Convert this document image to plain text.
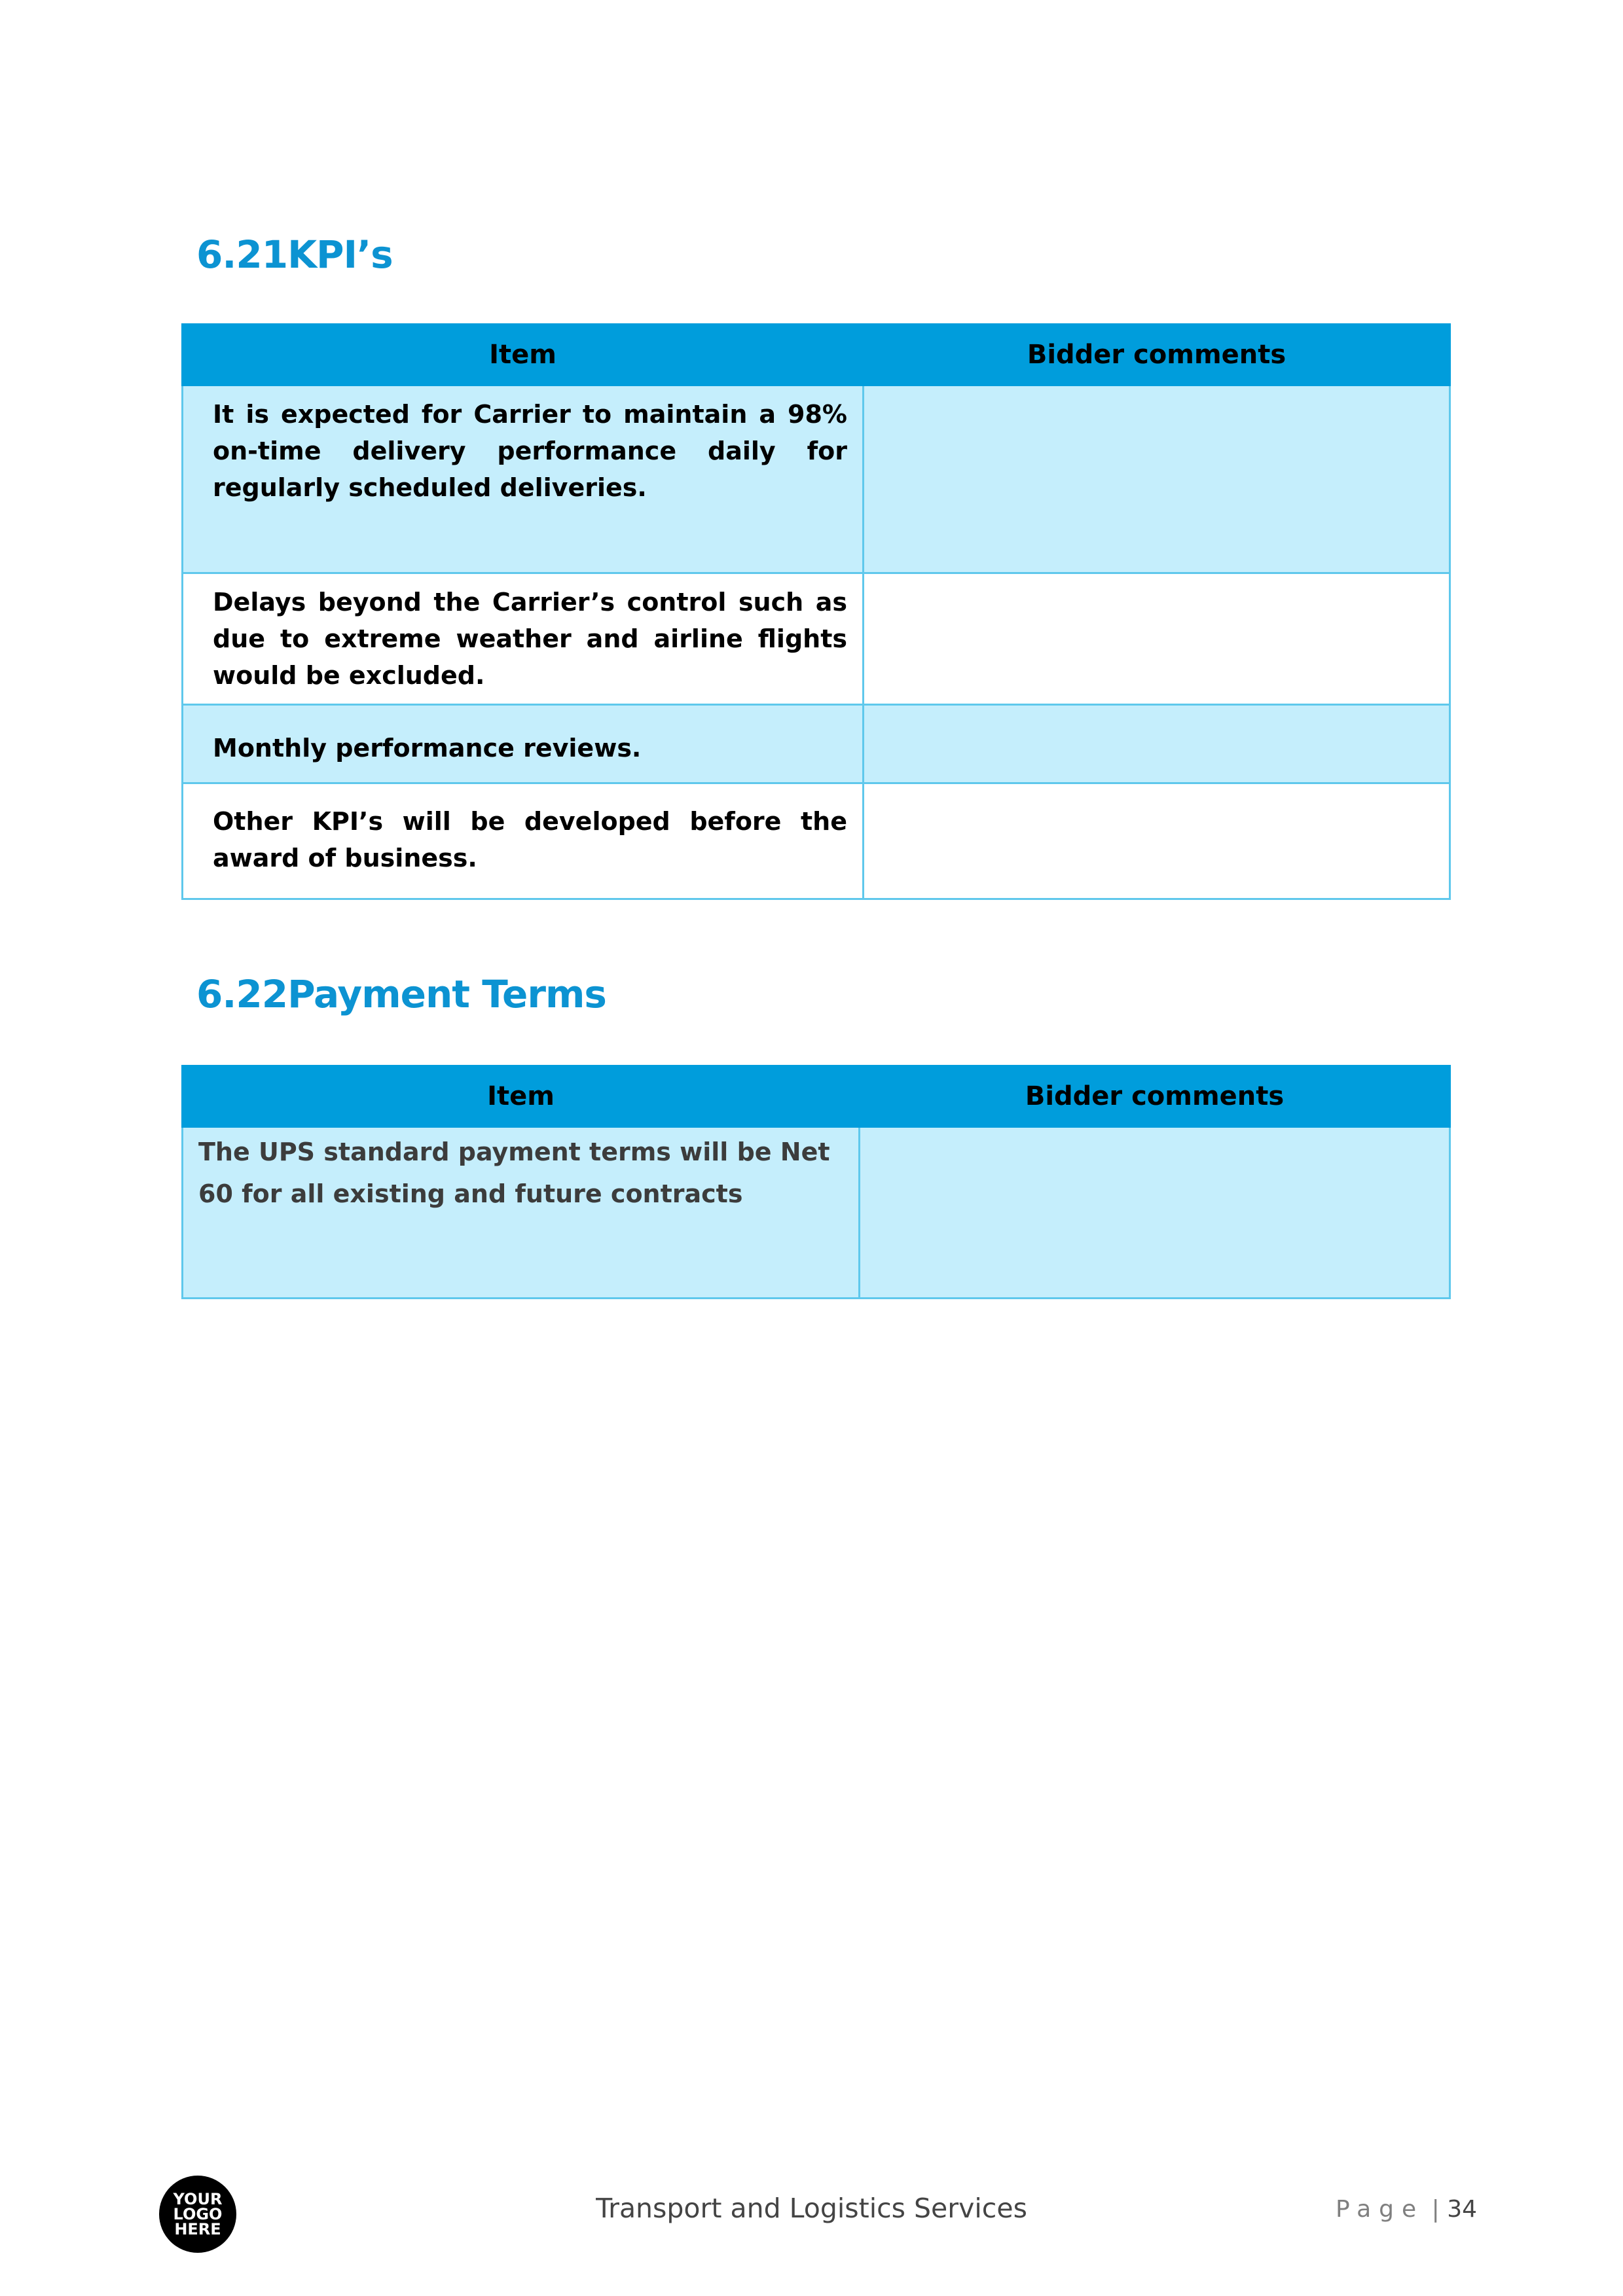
6.21KPI’s
Item	Bidder comments

It is expected for Carrier to maintain a 98% on-time delivery performance daily for regularly scheduled deliveries.	

Delays beyond the Carrier’s control such as due to extreme weather and airline flights would be excluded.	

Monthly performance reviews.	

Other KPI’s will be developed before the award of business.	

6.22Payment Terms
Item	Bidder comments

The UPS standard payment terms will be Net 60 for all existing and future contracts	

YOUR
LOGO
HERE
Transport and Logistics Services	Page | 34
